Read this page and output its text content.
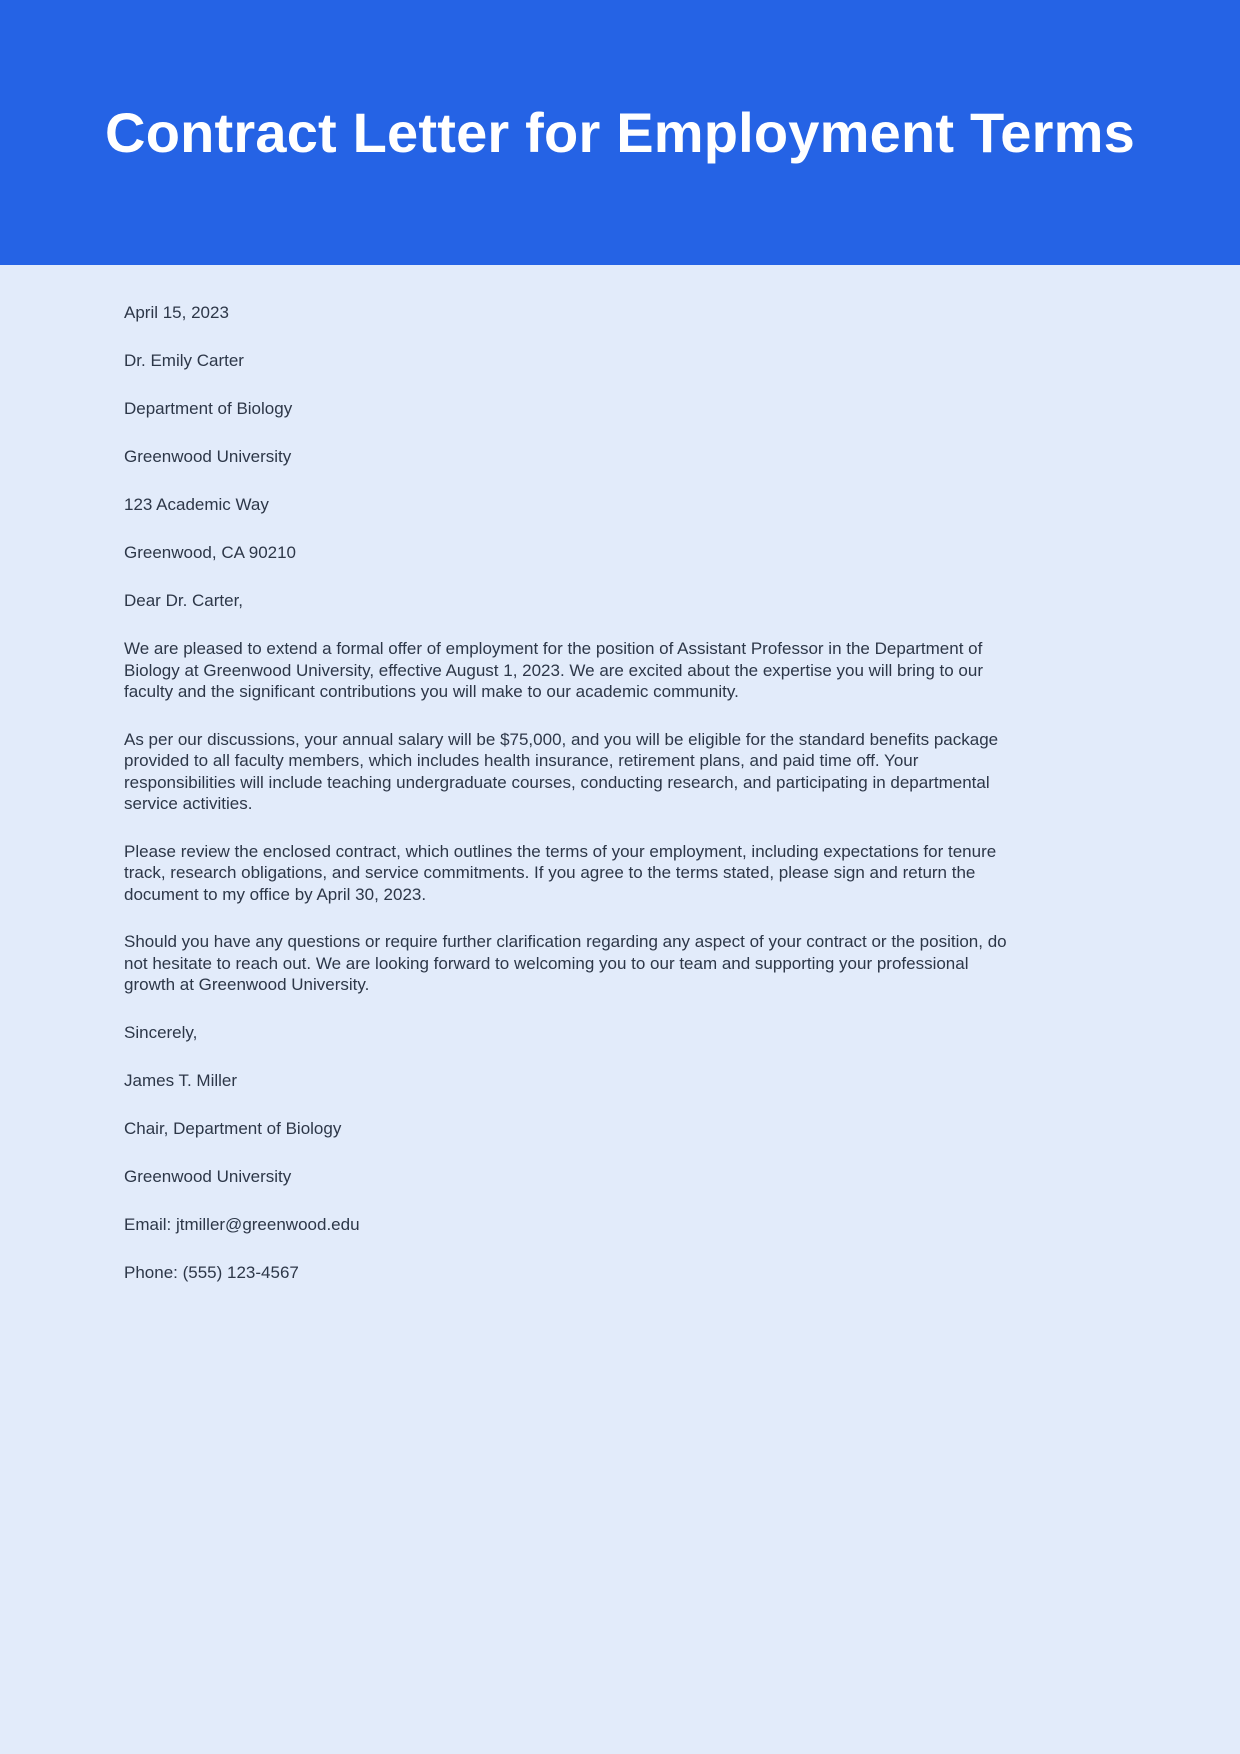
Contract Letter for Employment Terms

April 15, 2023

Dr. Emily Carter

Department of Biology

Greenwood University

123 Academic Way

Greenwood, CA 90210

Dear Dr. Carter,

We are pleased to extend a formal offer of employment for the position of Assistant Professor in the Department of Biology at Greenwood University, effective August 1, 2023. We are excited about the expertise you will bring to our faculty and the significant contributions you will make to our academic community.

As per our discussions, your annual salary will be $75,000, and you will be eligible for the standard benefits package provided to all faculty members, which includes health insurance, retirement plans, and paid time off. Your responsibilities will include teaching undergraduate courses, conducting research, and participating in departmental service activities.

Please review the enclosed contract, which outlines the terms of your employment, including expectations for tenure track, research obligations, and service commitments. If you agree to the terms stated, please sign and return the document to my office by April 30, 2023.

Should you have any questions or require further clarification regarding any aspect of your contract or the position, do not hesitate to reach out. We are looking forward to welcoming you to our team and supporting your professional growth at Greenwood University.

Sincerely,

James T. Miller

Chair, Department of Biology

Greenwood University

Email: jtmiller@greenwood.edu

Phone: (555) 123-4567
